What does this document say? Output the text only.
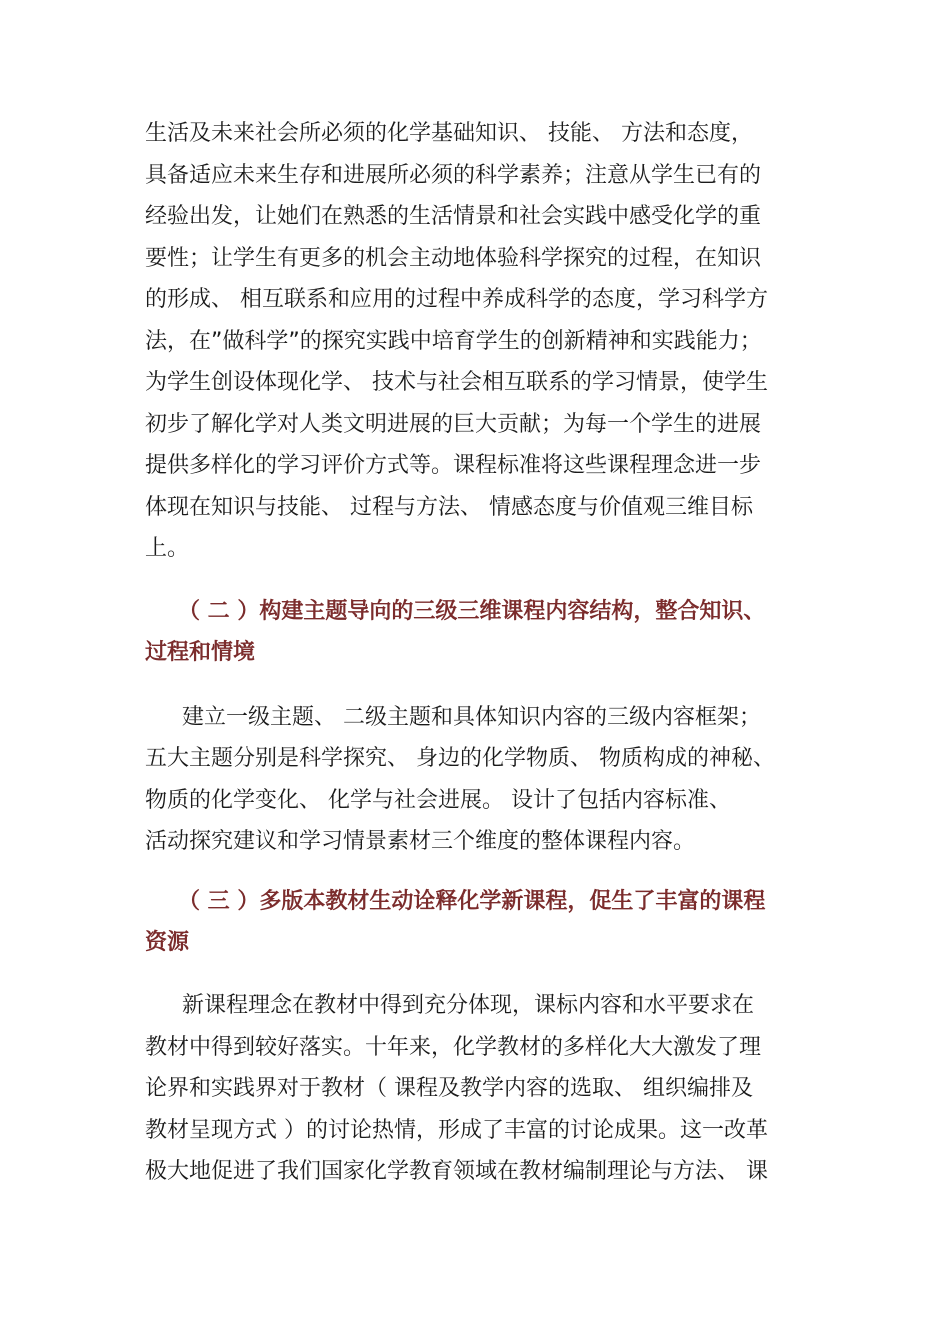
生活及未来社会所必须的化学基础知识、 技能、 方法和态度，
具备适应未来生存和进展所必须的科学素养；注意从学生已有的
经验出发，让她们在熟悉的生活情景和社会实践中感受化学的重
要性；让学生有更多的机会主动地体验科学探究的过程，在知识
的形成、 相互联系和应用的过程中养成科学的态度，学习科学方
法，在”做科学”的探究实践中培育学生的创新精神和实践能力；
为学生创设体现化学、 技术与社会相互联系的学习情景，使学生
初步了解化学对人类文明进展的巨大贡献；为每一个学生的进展
提供多样化的学习评价方式等。课程标准将这些课程理念进一步
体现在知识与技能、 过程与方法、 情感态度与价值观三维目标
上。
（ 二 ）构建主题导向的三级三维课程内容结构，整合知识、
过程和情境
建立一级主题、 二级主题和具体知识内容的三级内容框架；
五大主题分别是科学探究、 身边的化学物质、 物质构成的神秘、
物质的化学变化、 化学与社会进展。 设计了包括内容标准、
活动探究建议和学习情景素材三个维度的整体课程内容。
（ 三 ）多版本教材生动诠释化学新课程，促生了丰富的课程
资源
新课程理念在教材中得到充分体现，课标内容和水平要求在
教材中得到较好落实。十年来，化学教材的多样化大大激发了理
论界和实践界对于教材（ 课程及教学内容的选取、 组织编排及
教材呈现方式 ）的讨论热情，形成了丰富的讨论成果。这一改革
极大地促进了我们国家化学教育领域在教材编制理论与方法、 课
